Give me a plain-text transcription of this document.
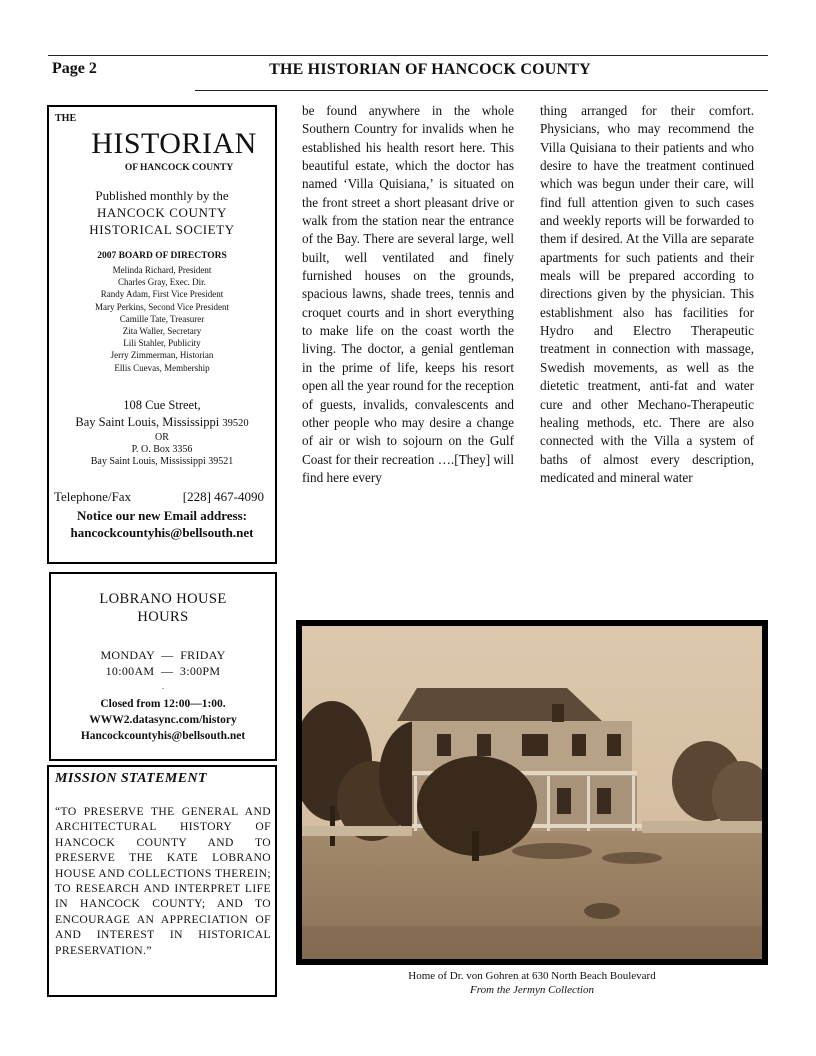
Page 2	THE HISTORIAN OF HANCOCK COUNTY
THE
HISTORIAN
OF HANCOCK COUNTY
Published monthly by the
HANCOCK COUNTY
HISTORICAL SOCIETY
2007 BOARD OF DIRECTORS
Melinda Richard, President
Charles Gray, Exec. Dir.
Randy Adam, First Vice President
Mary Perkins, Second Vice President
Camille Tate, Treasurer
Zita Waller, Secretary
Lili Stahler, Publicity
Jerry Zimmerman, Historian
Ellis Cuevas, Membership
108 Cue Street,
Bay Saint Louis, Mississippi 39520
OR
P. O. Box 3356
Bay Saint Louis, Mississippi 39521
Telephone/Fax	[228] 467-4090
Notice our new Email address:
hancockcountyhis@bellsouth.net
LOBRANO HOUSE
HOURS
MONDAY  —  FRIDAY
10:00AM  —  3:00PM
.
Closed from 12:00—1:00.
WWW2.datasync.com/history
Hancockcountyhis@bellsouth.net
MISSION STATEMENT
“TO PRESERVE THE GENERAL AND ARCHITECTURAL HISTORY OF HANCOCK COUNTY AND TO PRESERVE THE KATE LOBRANO HOUSE AND COLLECTIONS THEREIN; TO RESEARCH AND INTERPRET LIFE IN HANCOCK COUNTY; AND TO ENCOURAGE AN APPRECIATION OF AND INTEREST IN HISTORICAL PRESERVATION.”
be found anywhere in the whole Southern Country for invalids when he established his health resort here. This beautiful estate, which the doctor has named ‘Villa Quisiana,’ is situated on the front street a short pleasant drive or walk from the station near the entrance of the Bay. There are several large, well built, well ventilated and finely furnished houses on the grounds, spacious lawns, shade trees, tennis and croquet courts and in short everything to make life on the coast worth the living. The doctor, a genial gentleman in the prime of life, keeps his resort open all the year round for the reception of guests, invalids, convalescents and other people who may desire a change of air or wish to sojourn on the Gulf Coast for their recreation ….[They] will find here every
thing arranged for their comfort. Physicians, who may recommend the Villa Quisiana to their patients and who desire to have the treatment continued which was begun under their care, will find full attention given to such cases and weekly reports will be forwarded to them if desired. At the Villa are separate apartments for such patients and their meals will be prepared according to directions given by the physician. This establishment also has facilities for Hydro and Electro Therapeutic treatment in connection with massage, Swedish movements, as well as the dietetic treatment, anti-fat and water cure and other Mechano-Therapeutic healing methods, etc. There are also connected with the Villa a system of baths of almost every description, medicated and mineral water
Home of Dr. von Gohren at 630 North Beach Boulevard
From the Jermyn Collection
